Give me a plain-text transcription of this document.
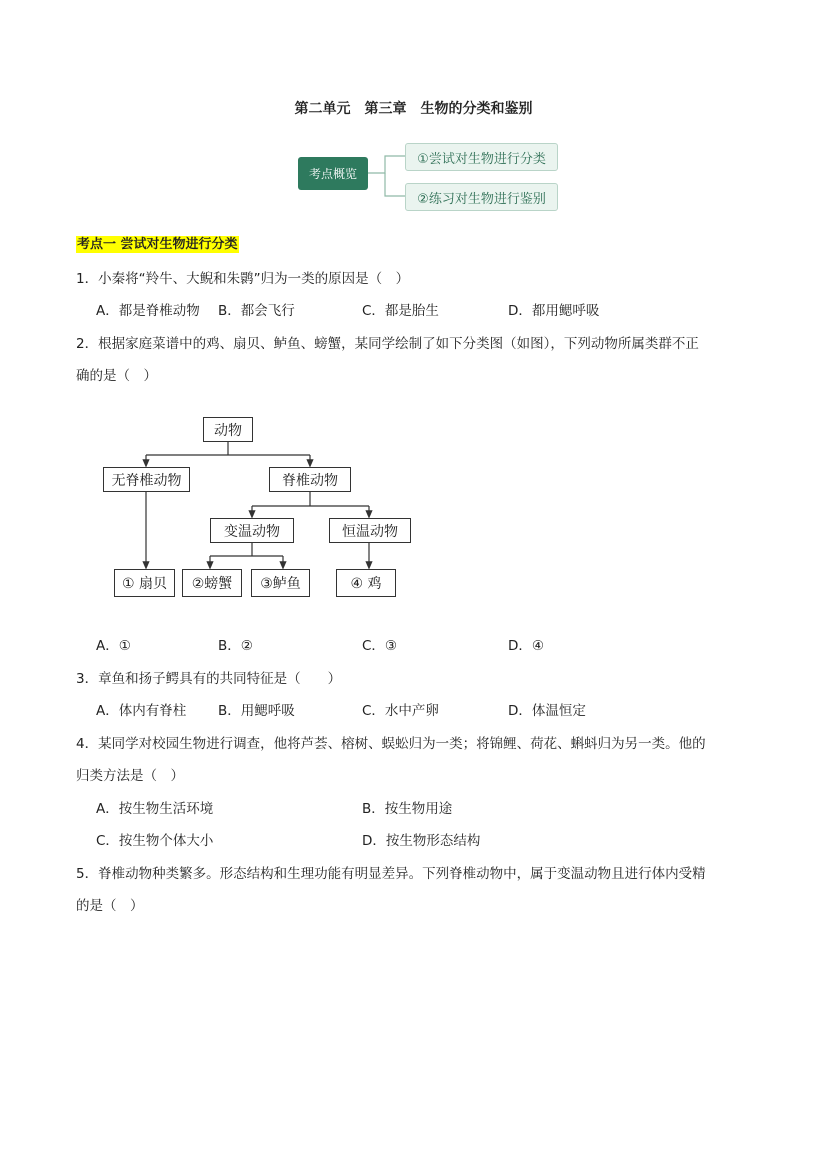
第二单元　第三章　生物的分类和鉴别
考点概览
①尝试对生物进行分类
②练习对生物进行鉴别
考点一 尝试对生物进行分类
1．小秦将“羚牛、大鲵和朱鹮”归为一类的原因是（　）
A．都是脊椎动物 B．都会飞行	C．都是胎生	D．都用鳃呼吸
2．根据家庭菜谱中的鸡、扇贝、鲈鱼、螃蟹，某同学绘制了如下分类图（如图），下列动物所属类群不正
确的是（　）
动物
无脊椎动物	脊椎动物
变温动物	恒温动物
① 扇贝	②螃蟹	③鲈鱼	④ 鸡
A．①	B．②	C．③	D．④
3．章鱼和扬子鳄具有的共同特征是（　　）
A．体内有脊柱 B．用鳃呼吸	C．水中产卵	D．体温恒定
4．某同学对校园生物进行调查，他将芦荟、榕树、蜈蚣归为一类；将锦鲤、荷花、蝌蚪归为另一类。他的
归类方法是（　）
A．按生物生活环境	B．按生物用途
C．按生物个体大小	D．按生物形态结构
5．脊椎动物种类繁多。形态结构和生理功能有明显差异。下列脊椎动物中，属于变温动物且进行体内受精
的是（　）
